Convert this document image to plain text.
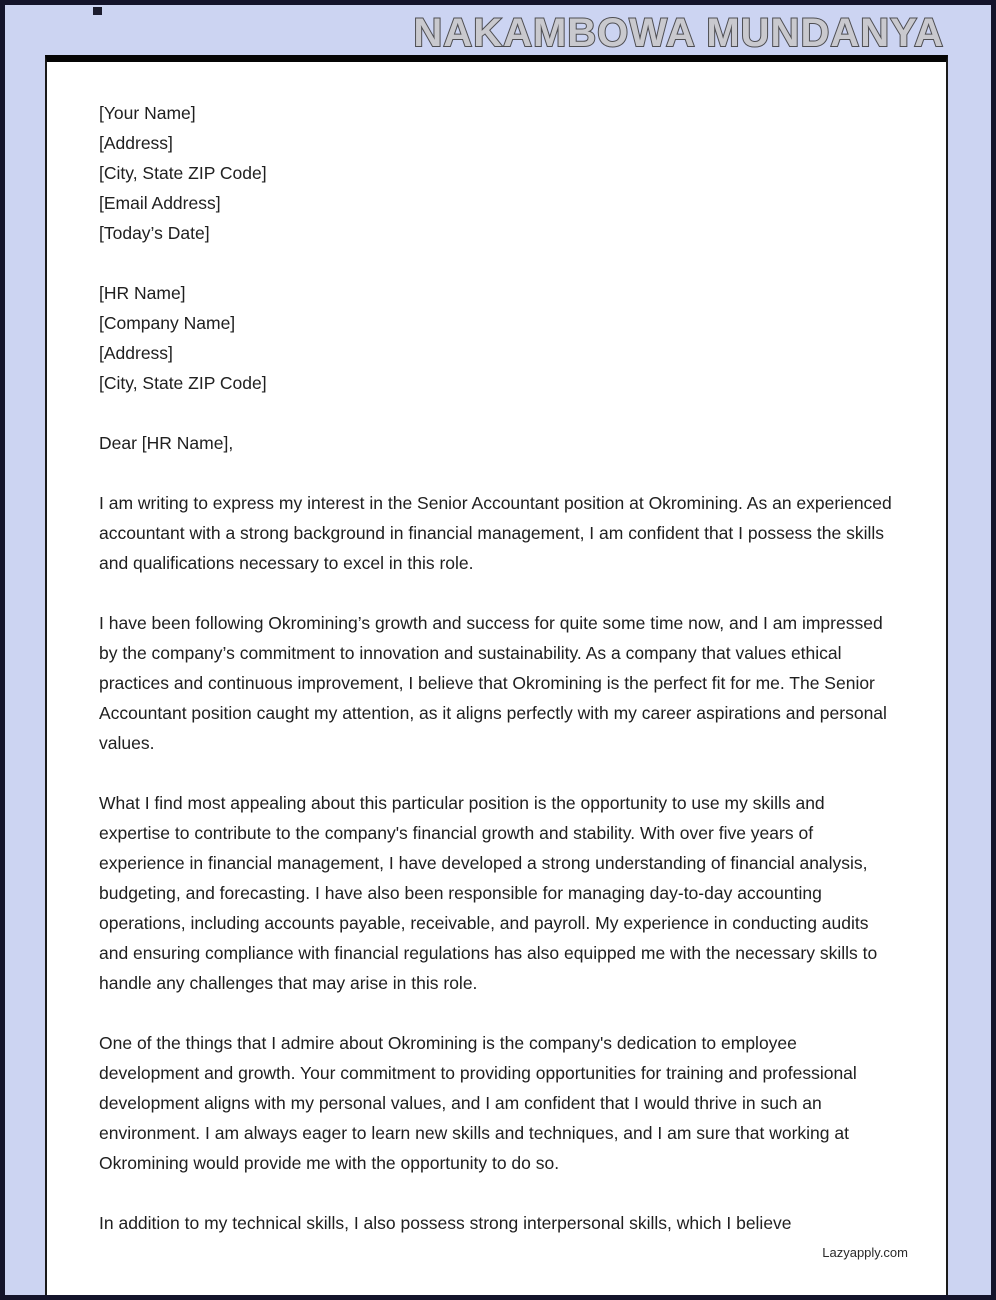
NAKAMBOWA MUNDANYA

[Your Name]

[Address]

[City, State ZIP Code]

[Email Address]

[Today’s Date]

[HR Name]

[Company Name]

[Address]

[City, State ZIP Code]

Dear [HR Name],

I am writing to express my interest in the Senior Accountant position at Okromining. As an experienced accountant with a strong background in financial management, I am confident that I possess the skills and qualifications necessary to excel in this role.

I have been following Okromining’s growth and success for quite some time now, and I am impressed by the company’s commitment to innovation and sustainability. As a company that values ethical practices and continuous improvement, I believe that Okromining is the perfect fit for me. The Senior Accountant position caught my attention, as it aligns perfectly with my career aspirations and personal values.

What I find most appealing about this particular position is the opportunity to use my skills and expertise to contribute to the company's financial growth and stability. With over five years of experience in financial management, I have developed a strong understanding of financial analysis, budgeting, and forecasting. I have also been responsible for managing day-to-day accounting operations, including accounts payable, receivable, and payroll. My experience in conducting audits and ensuring compliance with financial regulations has also equipped me with the necessary skills to handle any challenges that may arise in this role.

One of the things that I admire about Okromining is the company's dedication to employee development and growth. Your commitment to providing opportunities for training and professional development aligns with my personal values, and I am confident that I would thrive in such an environment. I am always eager to learn new skills and techniques, and I am sure that working at Okromining would provide me with the opportunity to do so.

In addition to my technical skills, I also possess strong interpersonal skills, which I believe

Lazyapply.com
